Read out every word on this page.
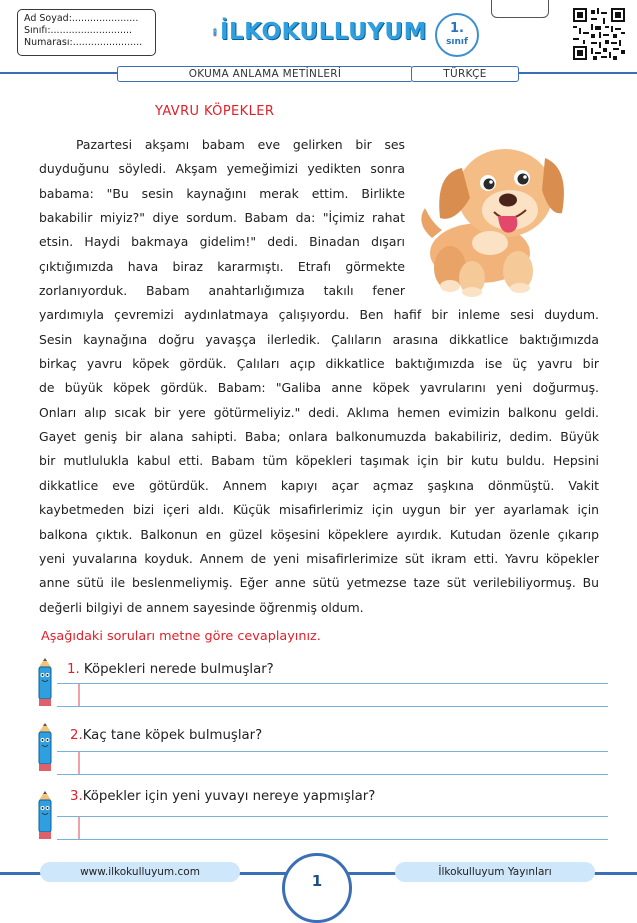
Ad Soyad:......................
Sınıfı:...........................
Numarası:.......................	İLKOKULLUYUM	1.
sınıf
OKUMA ANLAMA METİNLERİ	TÜRKÇE
YAVRU KÖPEKLER
Pazartesi akşamı babam eve gelirken bir ses
duyduğunu söyledi. Akşam yemeğimizi yedikten sonra
babama: "Bu sesin kaynağını merak ettim. Birlikte
bakabilir miyiz?" diye sordum. Babam da: "İçimiz rahat
etsin. Haydi bakmaya gidelim!" dedi. Binadan dışarı
çıktığımızda hava biraz kararmıştı. Etrafı görmekte
zorlanıyorduk. Babam anahtarlığımıza takılı fener
yardımıyla çevremizi aydınlatmaya çalışıyordu. Ben hafif bir inleme sesi duydum.
Sesin kaynağına doğru yavaşça ilerledik. Çalıların arasına dikkatlice baktığımızda
birkaç yavru köpek gördük. Çalıları açıp dikkatlice baktığımızda ise üç yavru bir
de büyük köpek gördük. Babam: "Galiba anne köpek yavrularını yeni doğurmuş.
Onları alıp sıcak bir yere götürmeliyiz." dedi. Aklıma hemen evimizin balkonu geldi.
Gayet geniş bir alana sahipti. Baba; onlara balkonumuzda bakabiliriz, dedim. Büyük
bir mutlulukla kabul etti. Babam tüm köpekleri taşımak için bir kutu buldu. Hepsini
dikkatlice eve götürdük. Annem kapıyı açar açmaz şaşkına dönmüştü. Vakit
kaybetmeden bizi içeri aldı. Küçük misafirlerimiz için uygun bir yer ayarlamak için
balkona çıktık. Balkonun en güzel köşesini köpeklere ayırdık. Kutudan özenle çıkarıp
yeni yuvalarına koyduk. Annem de yeni misafirlerimize süt ikram etti. Yavru köpekler
anne sütü ile beslenmeliymiş. Eğer anne sütü yetmezse taze süt verilebiliyormuş. Bu
değerli bilgiyi de annem sayesinde öğrenmiş oldum.
Aşağıdaki soruları metne göre cevaplayınız.
1. Köpekleri nerede bulmuşlar?
2.Kaç tane köpek bulmuşlar?
3.Köpekler için yeni yuvayı nereye yapmışlar?
www.ilkokulluyum.com	İlkokulluyum Yayınları
1
